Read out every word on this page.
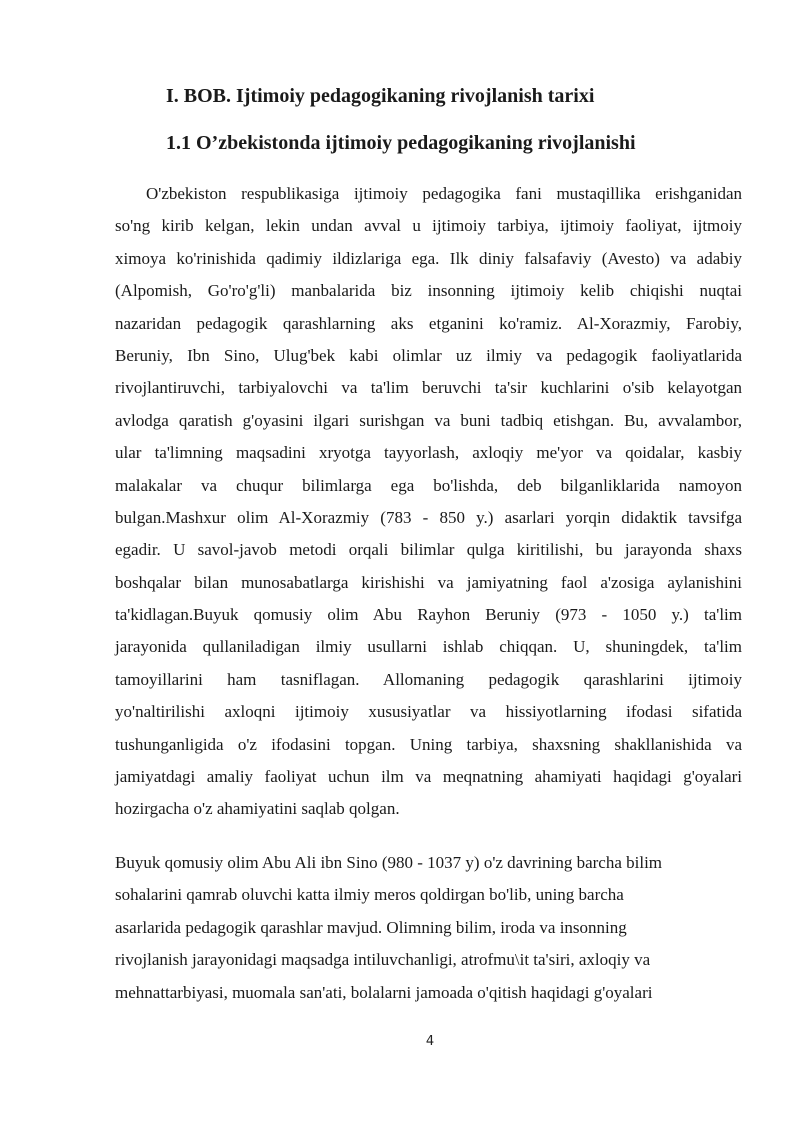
I. BOB. Ijtimoiy pedagogikaning rivojlanish tarixi
1.1 O’zbekistonda ijtimoiy pedagogikaning rivojlanishi
O'zbekiston respublikasiga ijtimoiy pedagogika fani mustaqillika erishganidan
so'ng kirib kelgan, lekin undan avval u ijtimoiy tarbiya, ijtimoiy faoliyat, ijtmoiy
ximoya ko'rinishida qadimiy ildizlariga ega. Ilk diniy falsafaviy (Avesto) va adabiy
(Alpomish, Go'ro'g'li) manbalarida biz insonning ijtimoiy kelib chiqishi nuqtai
nazaridan pedagogik qarashlarning aks etganini ko'ramiz. Al-Xorazmiy, Farobiy,
Beruniy, Ibn Sino, Ulug'bek kabi olimlar uz ilmiy va pedagogik faoliyatlarida
rivojlantiruvchi, tarbiyalovchi va ta'lim beruvchi ta'sir kuchlarini o'sib kelayotgan
avlodga qaratish g'oyasini ilgari surishgan va buni tadbiq etishgan. Bu, avvalambor,
ular ta'limning maqsadini xryotga tayyorlash, axloqiy me'yor va qoidalar, kasbiy
malakalar va chuqur bilimlarga ega bo'lishda, deb bilganliklarida namoyon
bulgan.Mashxur olim Al-Xorazmiy (783 - 850 y.) asarlari yorqin didaktik tavsifga
egadir. U savol-javob metodi orqali bilimlar qulga kiritilishi, bu jarayonda shaxs
boshqalar bilan munosabatlarga kirishishi va jamiyatning faol a'zosiga aylanishini
ta'kidlagan.Buyuk qomusiy olim Abu Rayhon Beruniy (973 - 1050 y.) ta'lim
jarayonida qullaniladigan ilmiy usullarni ishlab chiqqan. U, shuningdek, ta'lim
tamoyillarini ham tasniflagan. Allomaning pedagogik qarashlarini ijtimoiy
yo'naltirilishi axloqni ijtimoiy xususiyatlar va hissiyotlarning ifodasi sifatida
tushunganligida o'z ifodasini topgan. Uning tarbiya, shaxsning shakllanishida va
jamiyatdagi amaliy faoliyat uchun ilm va meqnatning ahamiyati haqidagi g'oyalari
hozirgacha o'z ahamiyatini saqlab qolgan.
Buyuk qomusiy olim Abu Ali ibn Sino (980 - 1037 y) o'z davrining barcha bilim
sohalarini qamrab oluvchi katta ilmiy meros qoldirgan bo'lib, uning barcha
asarlarida pedagogik qarashlar mavjud. Olimning bilim, iroda va insonning
rivojlanish jarayonidagi maqsadga intiluvchanligi, atrofmu\it ta'siri, axloqiy va
mehnattarbiyasi, muomala san'ati, bolalarni jamoada o'qitish haqidagi g'oyalari
4
